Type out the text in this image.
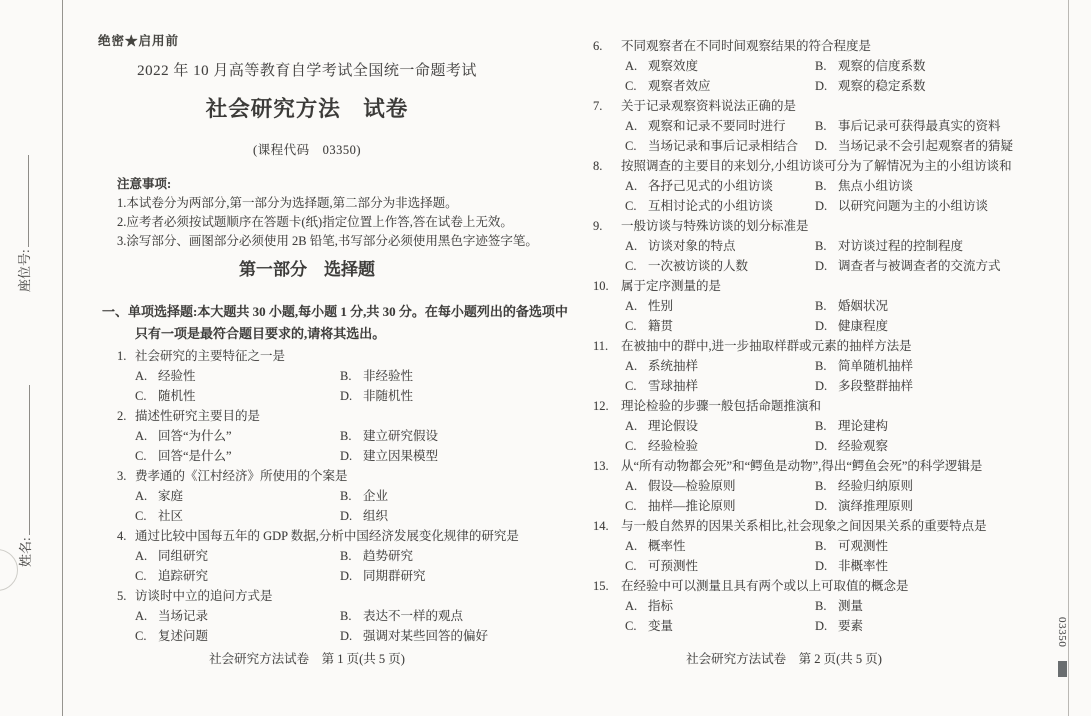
座位号:
姓名:
03350
绝密★启用前
2022 年 10 月高等教育自学考试全国统一命题考试
社会研究方法　试卷
(课程代码　03350)
注意事项:
1.本试卷分为两部分,第一部分为选择题,第二部分为非选择题。
2.应考者必须按试题顺序在答题卡(纸)指定位置上作答,答在试卷上无效。
3.涂写部分、画图部分必须使用 2B 铅笔,书写部分必须使用黑色字迹签字笔。
第一部分　选择题
一、单项选择题:本大题共 30 小题,每小题 1 分,共 30 分。在每小题列出的备选项中
只有一项是最符合题目要求的,请将其选出。
1. 社会研究的主要特征之一是
A. 经验性	B. 非经验性
C. 随机性	D. 非随机性
2. 描述性研究主要目的是
A. 回答“为什么”	B. 建立研究假设
C. 回答“是什么”	D. 建立因果模型
3. 费孝通的《江村经济》所使用的个案是
A. 家庭	B. 企业
C. 社区	D. 组织
4. 通过比较中国每五年的 GDP 数据,分析中国经济发展变化规律的研究是
A. 同组研究	B. 趋势研究
C. 追踪研究	D. 同期群研究
5. 访谈时中立的追问方式是
A. 当场记录	B. 表达不一样的观点
C. 复述问题	D. 强调对某些回答的偏好
6.	不同观察者在不同时间观察结果的符合程度是
A. 观察效度	B. 观察的信度系数
C. 观察者效应	D. 观察的稳定系数
7.	关于记录观察资料说法正确的是
A. 观察和记录不要同时进行	B. 事后记录可获得最真实的资料
C. 当场记录和事后记录相结合	D. 当场记录不会引起观察者的猜疑
8.	按照调查的主要目的来划分,小组访谈可分为了解情况为主的小组访谈和
A. 各抒己见式的小组访谈	B. 焦点小组访谈
C. 互相讨论式的小组访谈	D. 以研究问题为主的小组访谈
9.	一般访谈与特殊访谈的划分标准是
A. 访谈对象的特点	B. 对访谈过程的控制程度
C. 一次被访谈的人数	D. 调查者与被调查者的交流方式
10. 属于定序测量的是
A. 性别	B. 婚姻状况
C. 籍贯	D. 健康程度
11.	在被抽中的群中,进一步抽取样群或元素的抽样方法是
A. 系统抽样	B. 简单随机抽样
C. 雪球抽样	D. 多段整群抽样
12. 理论检验的步骤一般包括命题推演和
A. 理论假设	B. 理论建构
C. 经验检验	D. 经验观察
13. 从“所有动物都会死”和“鳄鱼是动物”,得出“鳄鱼会死”的科学逻辑是
A. 假设—检验原则	B. 经验归纳原则
C. 抽样—推论原则	D. 演绎推理原则
14. 与一般自然界的因果关系相比,社会现象之间因果关系的重要特点是
A. 概率性	B. 可观测性
C. 可预测性	D. 非概率性
15. 在经验中可以测量且具有两个或以上可取值的概念是
A. 指标	B. 测量
C. 变量	D. 要素
社会研究方法试卷　第 1 页(共 5 页)	社会研究方法试卷　第 2 页(共 5 页)
